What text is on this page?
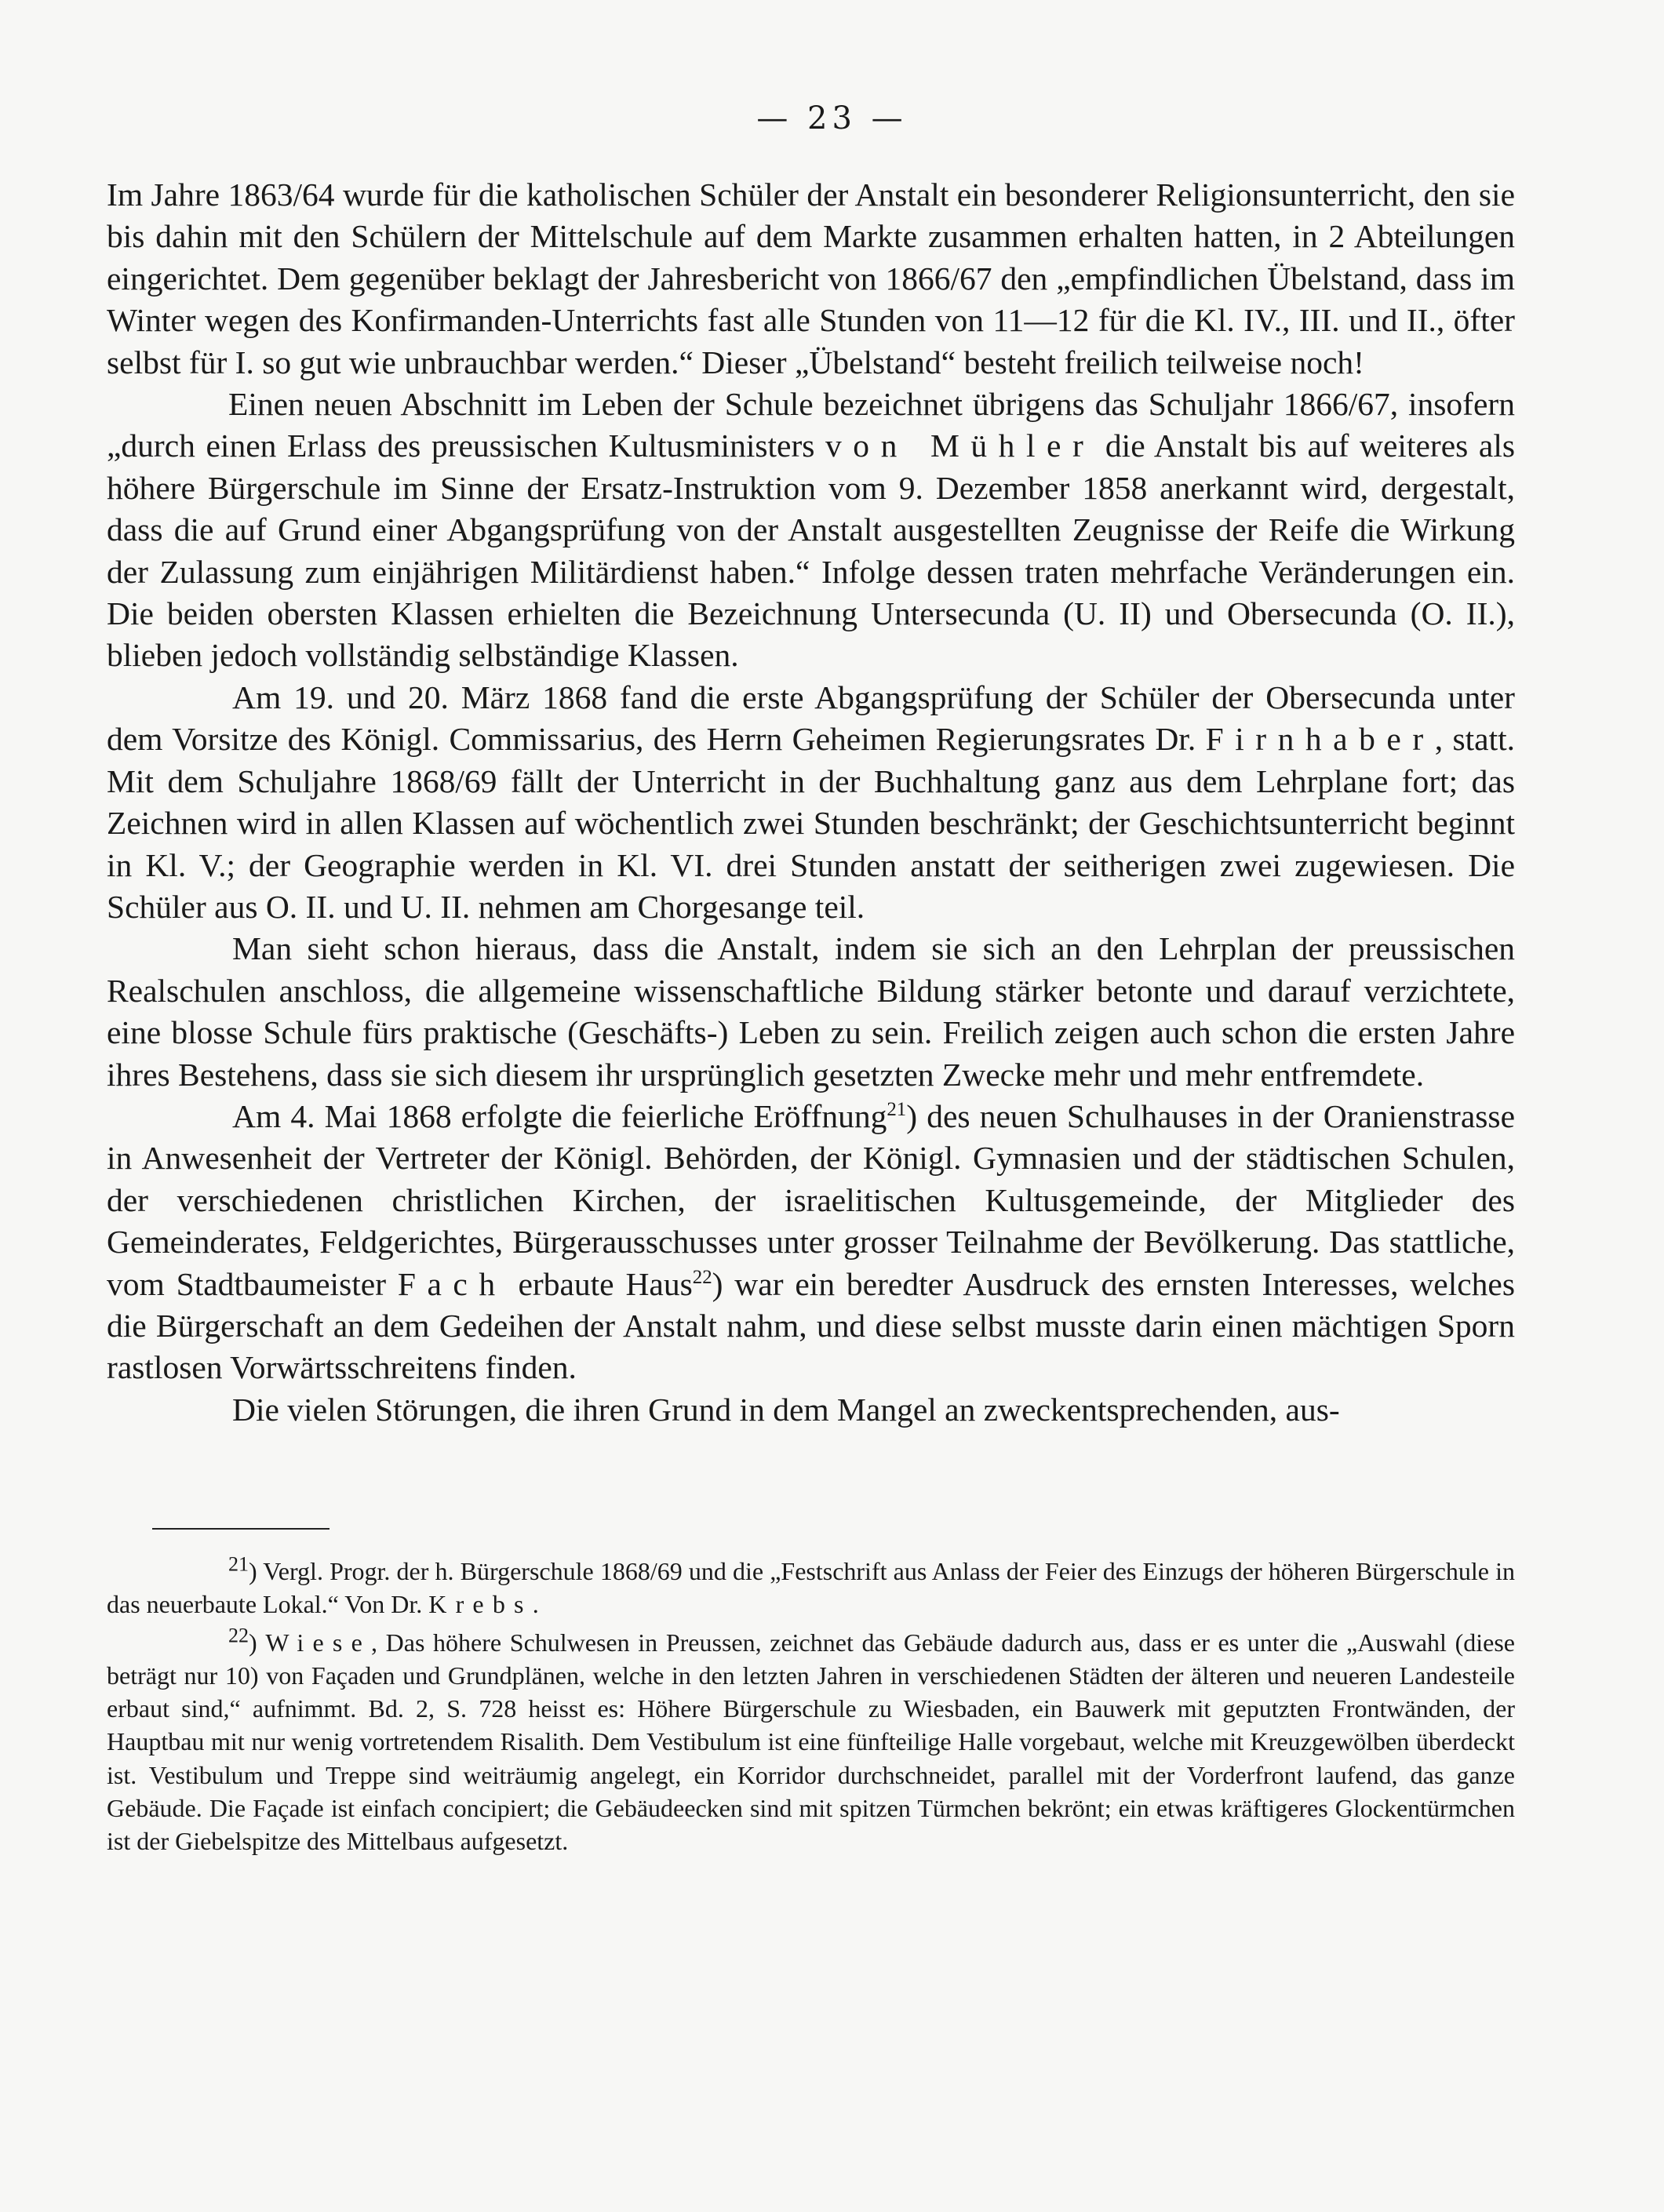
— 23 —

Im Jahre 1863/64 wurde für die katholischen Schüler der Anstalt ein besonderer Religionsunterricht, den sie bis dahin mit den Schülern der Mittelschule auf dem Markte zusammen erhalten hatten, in 2 Abteilungen eingerichtet. Dem gegenüber beklagt der Jahresbericht von 1866/67 den „empfindlichen Übelstand, dass im Winter wegen des Konfirmanden-Unterrichts fast alle Stunden von 11—12 für die Kl. IV., III. und II., öfter selbst für I. so gut wie unbrauchbar werden.“ Dieser „Übelstand“ besteht freilich teilweise noch!

Einen neuen Abschnitt im Leben der Schule bezeichnet übrigens das Schuljahr 1866/67, insofern „durch einen Erlass des preussischen Kultusministers von Mühler die Anstalt bis auf weiteres als höhere Bürgerschule im Sinne der Ersatz-Instruktion vom 9. Dezember 1858 anerkannt wird, dergestalt, dass die auf Grund einer Abgangsprüfung von der Anstalt ausgestellten Zeugnisse der Reife die Wirkung der Zulassung zum einjährigen Militärdienst haben.“ Infolge dessen traten mehrfache Veränderungen ein. Die beiden obersten Klassen erhielten die Bezeichnung Untersecunda (U. II) und Obersecunda (O. II.), blieben jedoch vollständig selbständige Klassen.

Am 19. und 20. März 1868 fand die erste Abgangsprüfung der Schüler der Obersecunda unter dem Vorsitze des Königl. Commissarius, des Herrn Geheimen Regierungsrates Dr. Firnhaber, statt. Mit dem Schuljahre 1868/69 fällt der Unterricht in der Buchhaltung ganz aus dem Lehrplane fort; das Zeichnen wird in allen Klassen auf wöchentlich zwei Stunden beschränkt; der Geschichtsunterricht beginnt in Kl. V.; der Geographie werden in Kl. VI. drei Stunden anstatt der seitherigen zwei zugewiesen. Die Schüler aus O. II. und U. II. nehmen am Chorgesange teil.

Man sieht schon hieraus, dass die Anstalt, indem sie sich an den Lehrplan der preussischen Realschulen anschloss, die allgemeine wissenschaftliche Bildung stärker betonte und darauf verzichtete, eine blosse Schule fürs praktische (Geschäfts-) Leben zu sein. Freilich zeigen auch schon die ersten Jahre ihres Bestehens, dass sie sich diesem ihr ursprünglich gesetzten Zwecke mehr und mehr entfremdete.

Am 4. Mai 1868 erfolgte die feierliche Eröffnung$^{21}$) des neuen Schulhauses in der Oranienstrasse in Anwesenheit der Vertreter der Königl. Behörden, der Königl. Gymnasien und der städtischen Schulen, der verschiedenen christlichen Kirchen, der israelitischen Kultusgemeinde, der Mitglieder des Gemeinderates, Feldgerichtes, Bürgerausschusses unter grosser Teilnahme der Bevölkerung. Das stattliche, vom Stadtbaumeister Fach erbaute Haus$^{22}$) war ein beredter Ausdruck des ernsten Interesses, welches die Bürgerschaft an dem Gedeihen der Anstalt nahm, und diese selbst musste darin einen mächtigen Sporn rastlosen Vorwärtsschreitens finden.

Die vielen Störungen, die ihren Grund in dem Mangel an zweckentsprechenden, aus-

$^{21}$) Vergl. Progr. der h. Bürgerschule 1868/69 und die „Festschrift aus Anlass der Feier des Einzugs der höheren Bürgerschule in das neuerbaute Lokal.“ Von Dr. Krebs.

$^{22}$) Wiese, Das höhere Schulwesen in Preussen, zeichnet das Gebäude dadurch aus, dass er es unter die „Auswahl (diese beträgt nur 10) von Façaden und Grundplänen, welche in den letzten Jahren in verschiedenen Städten der älteren und neueren Landesteile erbaut sind,“ aufnimmt. Bd. 2, S. 728 heisst es: Höhere Bürgerschule zu Wiesbaden, ein Bauwerk mit geputzten Frontwänden, der Hauptbau mit nur wenig vortretendem Risalith. Dem Vestibulum ist eine fünfteilige Halle vorgebaut, welche mit Kreuzgewölben überdeckt ist. Vestibulum und Treppe sind weiträumig angelegt, ein Korridor durchschneidet, parallel mit der Vorderfront laufend, das ganze Gebäude. Die Façade ist einfach concipiert; die Gebäudeecken sind mit spitzen Türmchen bekrönt; ein etwas kräftigeres Glockentürmchen ist der Giebelspitze des Mittelbaus aufgesetzt.
